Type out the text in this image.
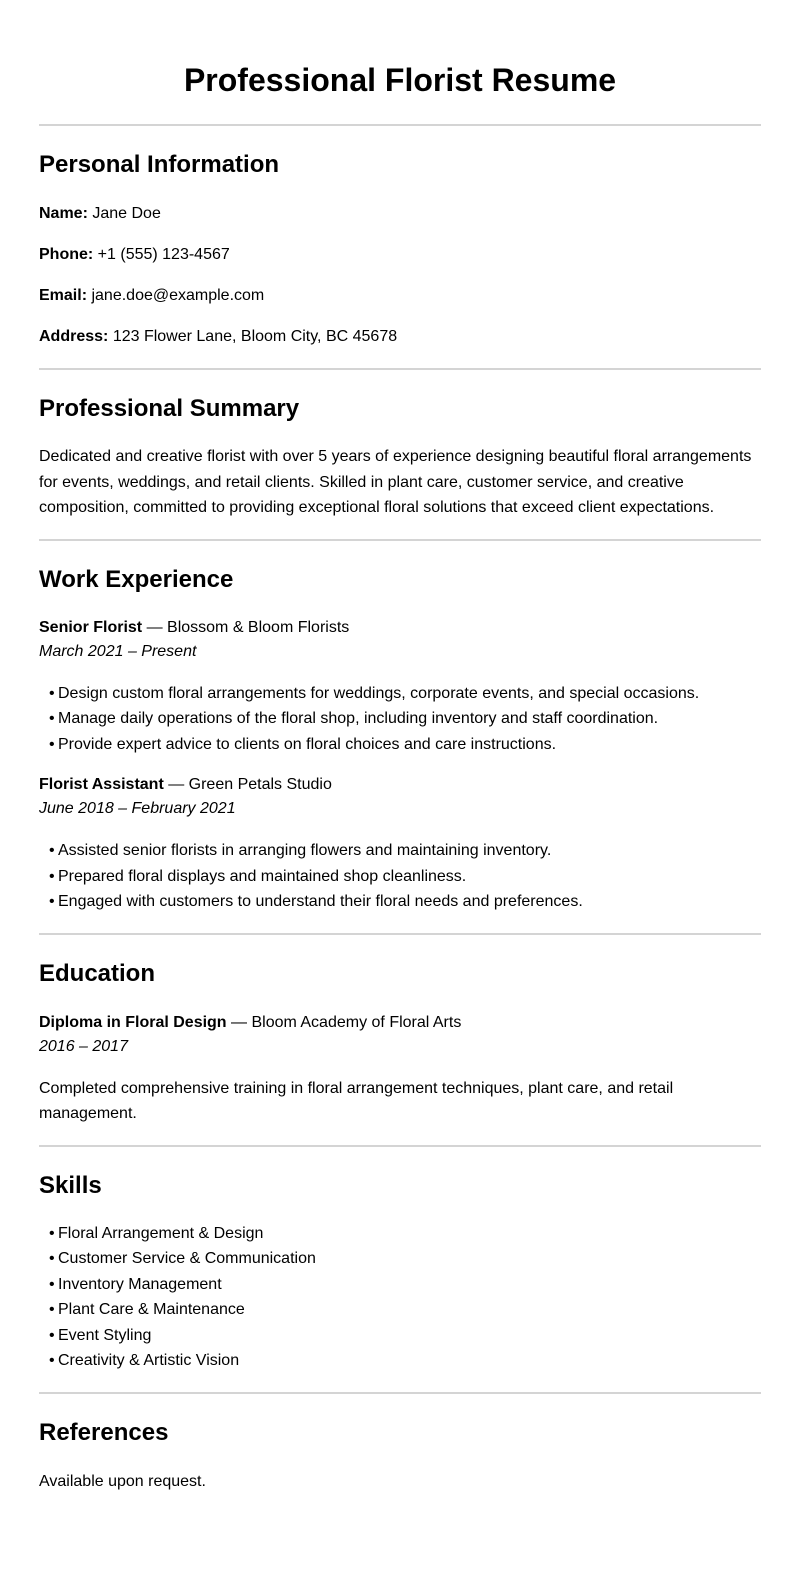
Professional Florist Resume
Personal Information

Name: Jane Doe

Phone: +1 (555) 123-4567

Email: jane.doe@example.com

Address: 123 Flower Lane, Bloom City, BC 45678

Professional Summary

Dedicated and creative florist with over 5 years of experience designing beautiful floral arrangements for events, weddings, and retail clients. Skilled in plant care, customer service, and creative composition, committed to providing exceptional floral solutions that exceed client expectations.

Work Experience

Senior Florist — Blossom & Bloom Florists

March 2021 – Present

• Design custom floral arrangements for weddings, corporate events, and special occasions.
• Manage daily operations of the floral shop, including inventory and staff coordination.
• Provide expert advice to clients on floral choices and care instructions.

Florist Assistant — Green Petals Studio

June 2018 – February 2021

• Assisted senior florists in arranging flowers and maintaining inventory.
• Prepared floral displays and maintained shop cleanliness.
• Engaged with customers to understand their floral needs and preferences.
Education

Diploma in Floral Design — Bloom Academy of Floral Arts

2016 – 2017

Completed comprehensive training in floral arrangement techniques, plant care, and retail management.

Skills
• Floral Arrangement & Design
• Customer Service & Communication
• Inventory Management
• Plant Care & Maintenance
• Event Styling
• Creativity & Artistic Vision
References

Available upon request.
